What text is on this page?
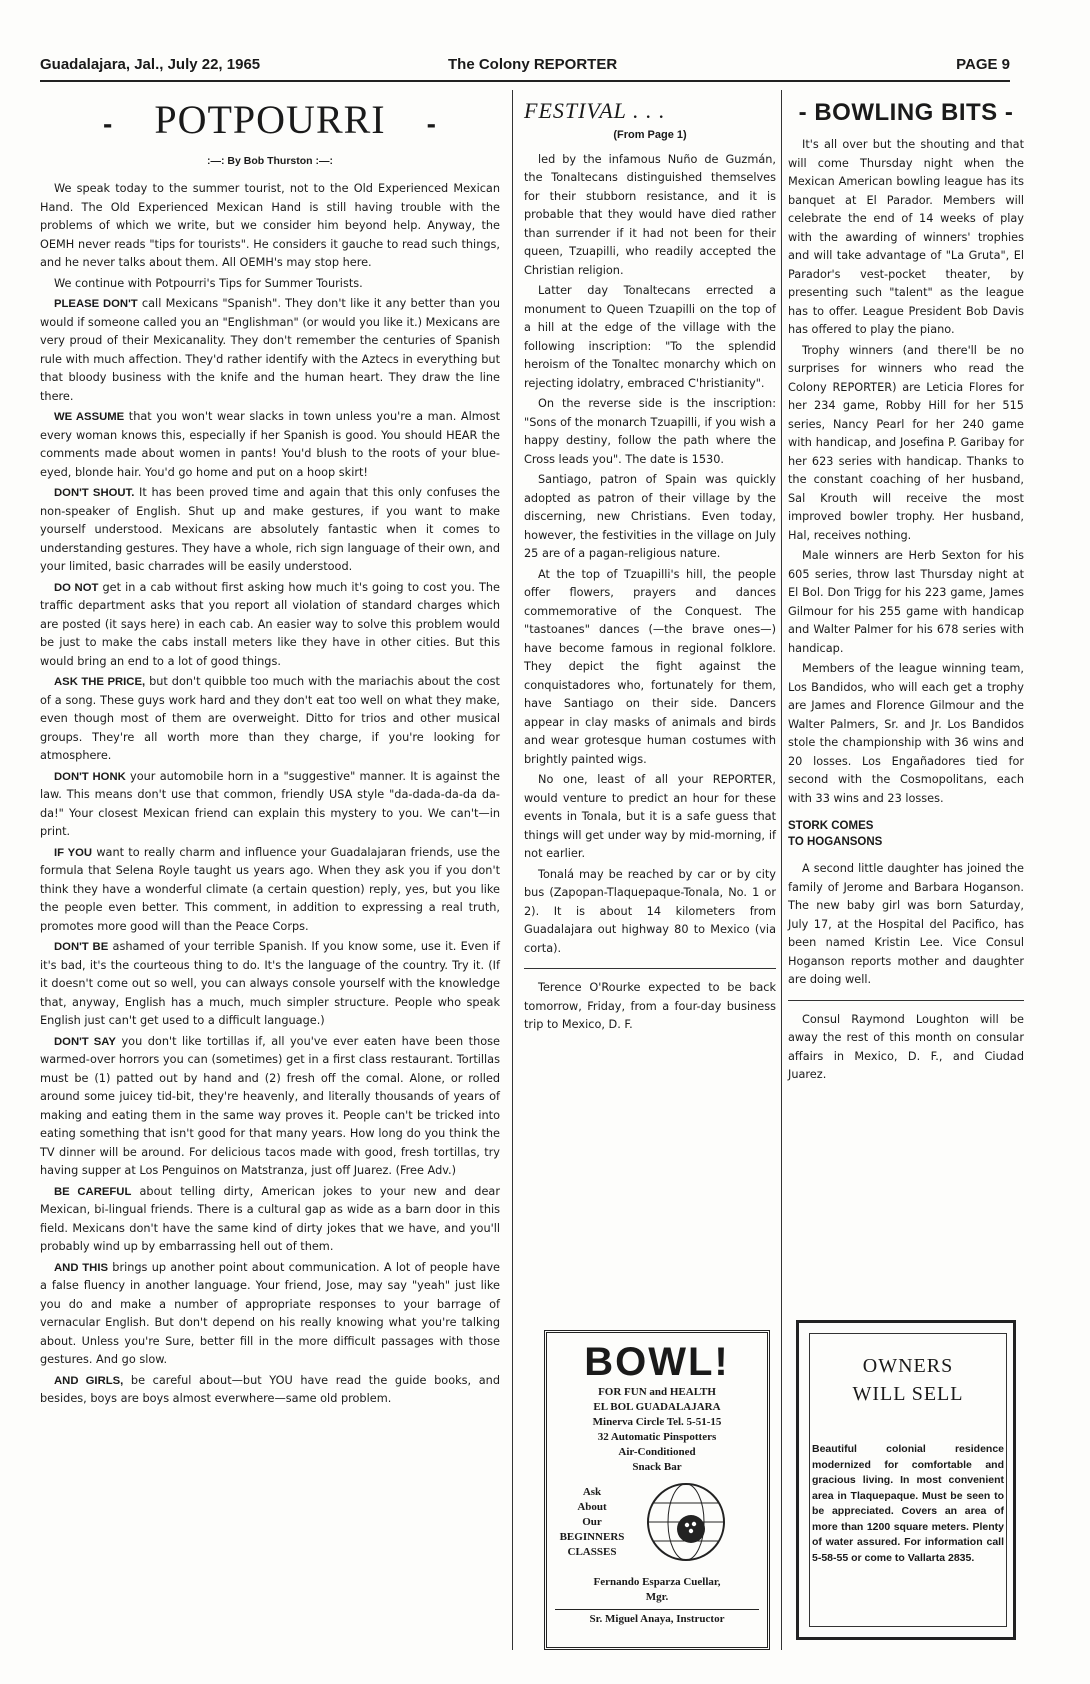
Guadalajara, Jal., July 22, 1965	The Colony REPORTER	PAGE 9
- POTPOURRI -
:—: By Bob Thurston :—:

We speak today to the summer tourist, not to the Old Experienced Mexican Hand. The Old Experienced Mexican Hand is still having trouble with the problems of which we write, but we consider him beyond help. Anyway, the OEMH never reads "tips for tourists". He considers it gauche to read such things, and he never talks about them. All OEMH's may stop here.

We continue with Potpourri's Tips for Summer Tourists.

PLEASE DON'T call Mexicans "Spanish". They don't like it any better than you would if someone called you an "Englishman" (or would you like it.) Mexicans are very proud of their Mexicanality. They don't remember the centuries of Spanish rule with much affection. They'd rather identify with the Aztecs in everything but that bloody business with the knife and the human heart. They draw the line there.

WE ASSUME that you won't wear slacks in town unless you're a man. Almost every woman knows this, especially if her Spanish is good. You should HEAR the comments made about women in pants! You'd blush to the roots of your blue-eyed, blonde hair. You'd go home and put on a hoop skirt!

DON'T SHOUT. It has been proved time and again that this only confuses the non-speaker of English. Shut up and make gestures, if you want to make yourself understood. Mexicans are absolutely fantastic when it comes to understanding gestures. They have a whole, rich sign language of their own, and your limited, basic charrades will be easily understood.

DO NOT get in a cab without first asking how much it's going to cost you. The traffic department asks that you report all violation of standard charges which are posted (it says here) in each cab. An easier way to solve this problem would be just to make the cabs install meters like they have in other cities. But this would bring an end to a lot of good things.

ASK THE PRICE, but don't quibble too much with the mariachis about the cost of a song. These guys work hard and they don't eat too well on what they make, even though most of them are overweight. Ditto for trios and other musical groups. They're all worth more than they charge, if you're looking for atmosphere.

DON'T HONK your automobile horn in a "suggestive" manner. It is against the law. This means don't use that common, friendly USA style "da-dada-da-da da-da!" Your closest Mexican friend can explain this mystery to you. We can't—in print.

IF YOU want to really charm and influence your Guadalajaran friends, use the formula that Selena Royle taught us years ago. When they ask you if you don't think they have a wonderful climate (a certain question) reply, yes, but you like the people even better. This comment, in addition to expressing a real truth, promotes more good will than the Peace Corps.

DON'T BE ashamed of your terrible Spanish. If you know some, use it. Even if it's bad, it's the courteous thing to do. It's the language of the country. Try it. (If it doesn't come out so well, you can always console yourself with the knowledge that, anyway, English has a much, much simpler structure. People who speak English just can't get used to a difficult language.)

DON'T SAY you don't like tortillas if, all you've ever eaten have been those warmed-over horrors you can (sometimes) get in a first class restaurant. Tortillas must be (1) patted out by hand and (2) fresh off the comal. Alone, or rolled around some juicey tid-bit, they're heavenly, and literally thousands of years of making and eating them in the same way proves it. People can't be tricked into eating something that isn't good for that many years. How long do you think the TV dinner will be around. For delicious tacos made with good, fresh tortillas, try having supper at Los Penguinos on Matstranza, just off Juarez. (Free Adv.)

BE CAREFUL about telling dirty, American jokes to your new and dear Mexican, bi-lingual friends. There is a cultural gap as wide as a barn door in this field. Mexicans don't have the same kind of dirty jokes that we have, and you'll probably wind up by embarrassing hell out of them.

AND THIS brings up another point about communication. A lot of people have a false fluency in another language. Your friend, Jose, may say "yeah" just like you do and make a number of appropriate responses to your barrage of vernacular English. But don't depend on his really knowing what you're talking about. Unless you're Sure, better fill in the more difficult passages with those gestures. And go slow.

AND GIRLS, be careful about—but YOU have read the guide books, and besides, boys are boys almost everwhere—same old problem.

FESTIVAL . . .
(From Page 1)

led by the infamous Nuño de Guzmán, the Tonaltecans distinguished themselves for their stubborn resistance, and it is probable that they would have died rather than surrender if it had not been for their queen, Tzuapilli, who readily accepted the Christian religion.

Latter day Tonaltecans errected a monument to Queen Tzuapilli on the top of a hill at the edge of the village with the following inscription: "To the splendid heroism of the Tonaltec monarchy which on rejecting idolatry, embraced C'hristianity".

On the reverse side is the inscription: "Sons of the monarch Tzuapilli, if you wish a happy destiny, follow the path where the Cross leads you". The date is 1530.

Santiago, patron of Spain was quickly adopted as patron of their village by the discerning, new Christians. Even today, however, the festivities in the village on July 25 are of a pagan-religious nature.

At the top of Tzuapilli's hill, the people offer flowers, prayers and dances commemorative of the Conquest. The "tastoanes" dances (—the brave ones—) have become famous in regional folklore. They depict the fight against the conquistadores who, fortunately for them, have Santiago on their side. Dancers appear in clay masks of animals and birds and wear grotesque human costumes with brightly painted wigs.

No one, least of all your REPORTER, would venture to predict an hour for these events in Tonala, but it is a safe guess that things will get under way by mid-morning, if not earlier.

Tonalá may be reached by car or by city bus (Zapopan-Tlaquepaque-Tonala, No. 1 or 2). It is about 14 kilometers from Guadalajara out highway 80 to Mexico (via corta).

Terence O'Rourke expected to be back tomorrow, Friday, from a four-day business trip to Mexico, D. F.

- BOWLING BITS -

It's all over but the shouting and that will come Thursday night when the Mexican American bowling league has its banquet at El Parador. Members will celebrate the end of 14 weeks of play with the awarding of winners' trophies and will take advantage of "La Gruta", El Parador's vest-pocket theater, by presenting such "talent" as the league has to offer. League President Bob Davis has offered to play the piano.

Trophy winners (and there'll be no surprises for winners who read the Colony REPORTER) are Leticia Flores for her 234 game, Robby Hill for her 515 series, Nancy Pearl for her 240 game with handicap, and Josefina P. Garibay for her 623 series with handicap. Thanks to the constant coaching of her husband, Sal Krouth will receive the most improved bowler trophy. Her husband, Hal, receives nothing.

Male winners are Herb Sexton for his 605 series, throw last Thursday night at El Bol. Don Trigg for his 223 game, James Gilmour for his 255 game with handicap and Walter Palmer for his 678 series with handicap.

Members of the league winning team, Los Bandidos, who will each get a trophy are James and Florence Gilmour and the Walter Palmers, Sr. and Jr. Los Bandidos stole the championship with 36 wins and 20 losses. Los Engañadores tied for second with the Cosmopolitans, each with 33 wins and 23 losses.

STORK COMES
TO HOGANSONS

A second little daughter has joined the family of Jerome and Barbara Hoganson. The new baby girl was born Saturday, July 17, at the Hospital del Pacifico, has been named Kristin Lee. Vice Consul Hoganson reports mother and daughter are doing well.

Consul Raymond Loughton will be away the rest of this month on consular affairs in Mexico, D. F., and Ciudad Juarez.

BOWL!
FOR FUN and HEALTH
EL BOL GUADALAJARA
Minerva Circle Tel. 5-51-15
32 Automatic Pinspotters
Air-Conditioned
Snack Bar
Ask
About
Our
BEGINNERS
CLASSES
Fernando Esparza Cuellar,
Mgr.
Sr. Miguel Anaya, Instructor
OWNERS
WILL SELL
Beautiful colonial residence modernized for comfortable and gracious living. In most convenient area in Tlaquepaque. Must be seen to be appreciated. Covers an area of more than 1200 square meters. Plenty of water assured. For information call 5-58-55 or come to Vallarta 2835.
